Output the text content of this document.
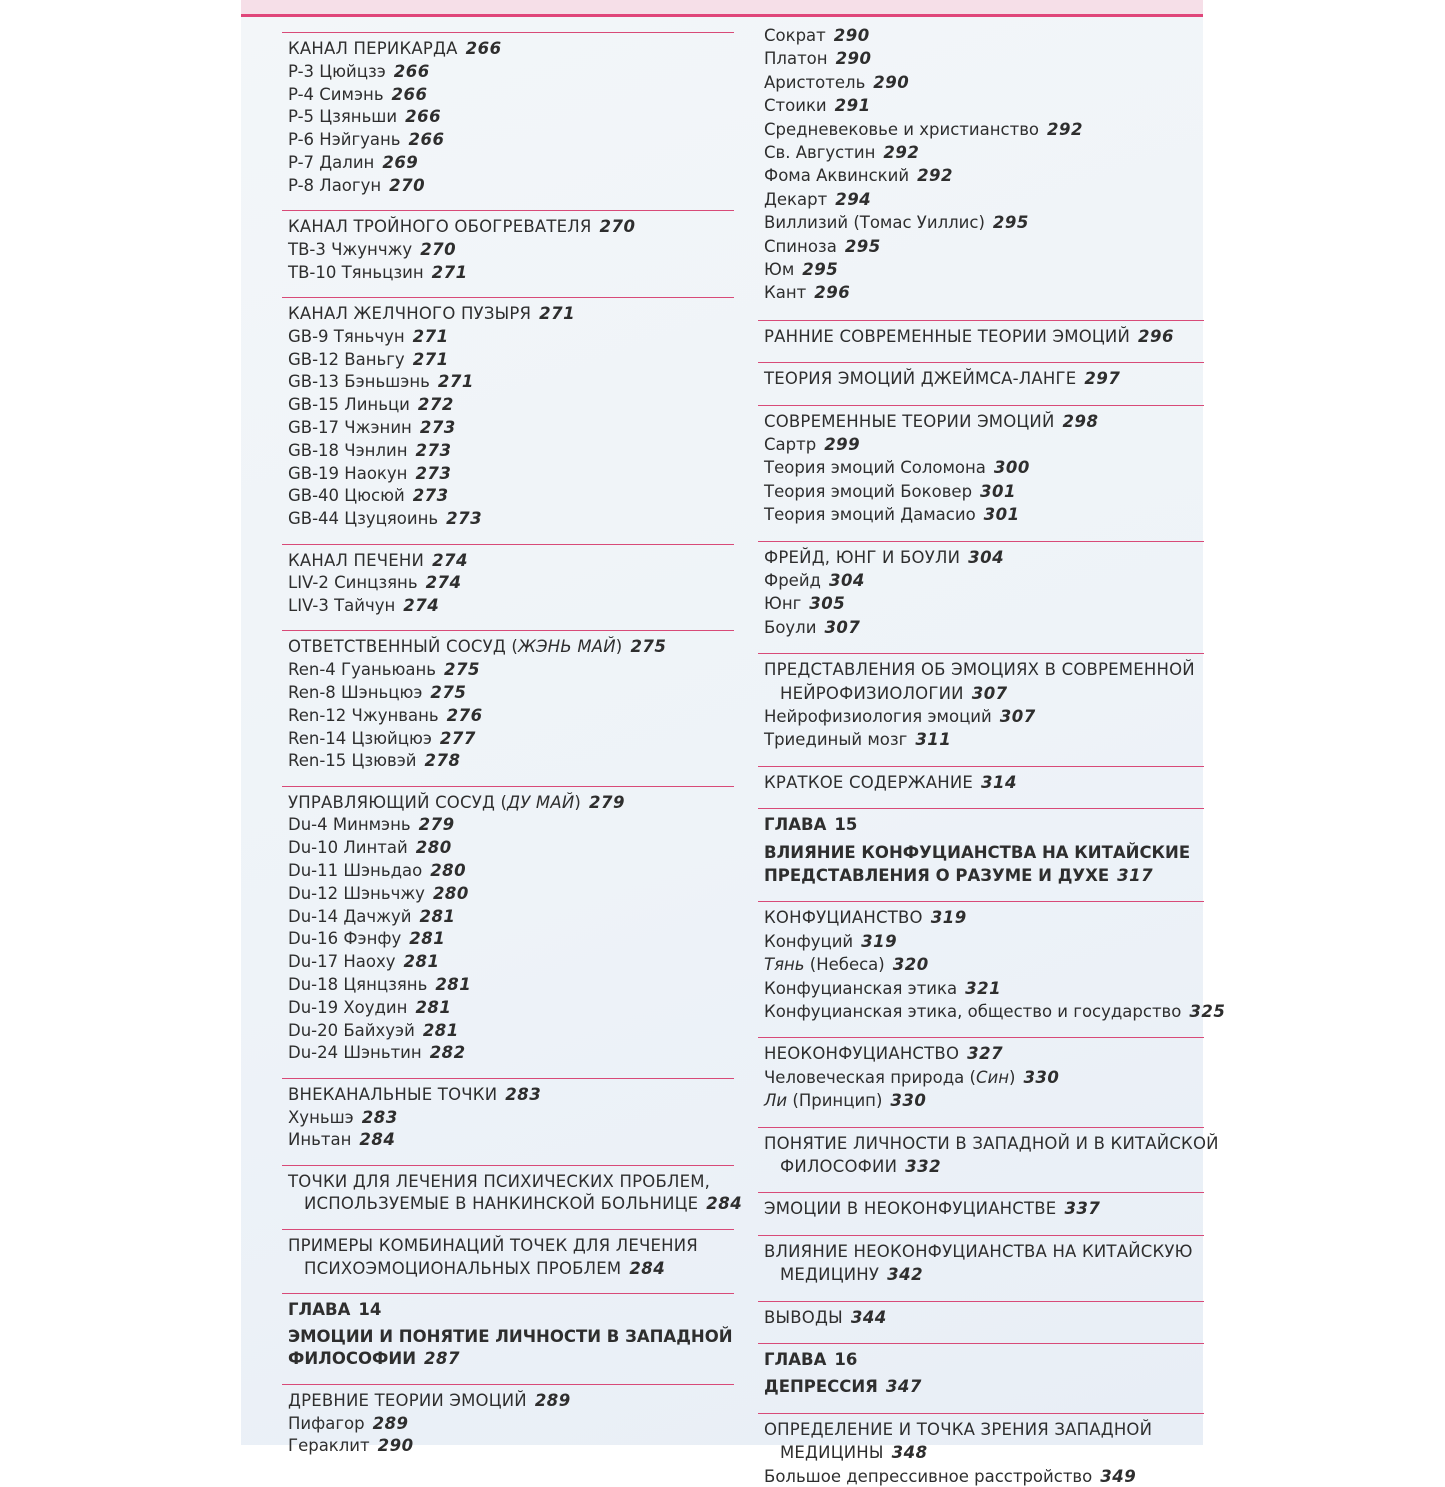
КАНАЛ ПЕРИКАРДА 266
P-3 Цюйцзэ 266
P-4 Симэнь 266
P-5 Цзяньши 266
P-6 Нэйгуань 266
P-7 Далин 269
P-8 Лаогун 270
КАНАЛ ТРОЙНОГО ОБОГРЕВАТЕЛЯ 270
ТВ-3 Чжунчжу 270
ТВ-10 Тяньцзин 271
КАНАЛ ЖЕЛЧНОГО ПУЗЫРЯ 271
GB-9 Тяньчун 271
GB-12 Ваньгу 271
GB-13 Бэньшэнь 271
GB-15 Линьци 272
GB-17 Чжэнин 273
GB-18 Чэнлин 273
GB-19 Наокун 273
GB-40 Цюсюй 273
GB-44 Цзуцяоинь 273
КАНАЛ ПЕЧЕНИ 274
LIV-2 Синцзянь 274
LIV-3 Тайчун 274
ОТВЕТСТВЕННЫЙ СОСУД (ЖЭНЬ МАЙ) 275
Ren-4 Гуаньюань 275
Ren-8 Шэньцюэ 275
Ren-12 Чжунвань 276
Ren-14 Цзюйцюэ 277
Ren-15 Цзювэй 278
УПРАВЛЯЮЩИЙ СОСУД (ДУ МАЙ) 279
Du-4 Минмэнь 279
Du-10 Линтай 280
Du-11 Шэньдао 280
Du-12 Шэньчжу 280
Du-14 Дачжуй 281
Du-16 Фэнфу 281
Du-17 Наоху 281
Du-18 Цянцзянь 281
Du-19 Хоудин 281
Du-20 Байхуэй 281
Du-24 Шэньтин 282
ВНЕКАНАЛЬНЫЕ ТОЧКИ 283
Хуньшэ 283
Иньтан 284
ТОЧКИ ДЛЯ ЛЕЧЕНИЯ ПСИХИЧЕСКИХ ПРОБЛЕМ,
ИСПОЛЬЗУЕМЫЕ В НАНКИНСКОЙ БОЛЬНИЦЕ 284
ПРИМЕРЫ КОМБИНАЦИЙ ТОЧЕК ДЛЯ ЛЕЧЕНИЯ
ПСИХОЭМОЦИОНАЛЬНЫХ ПРОБЛЕМ 284
ГЛАВА 14
ЭМОЦИИ И ПОНЯТИЕ ЛИЧНОСТИ В ЗАПАДНОЙ
ФИЛОСОФИИ 287
ДРЕВНИЕ ТЕОРИИ ЭМОЦИЙ 289
Пифагор 289
Гераклит 290
Сократ 290
Платон 290
Аристотель 290
Стоики 291
Средневековье и христианство 292
Св. Августин 292
Фома Аквинский 292
Декарт 294
Виллизий (Томас Уиллис) 295
Спиноза 295
Юм 295
Кант 296
РАННИЕ СОВРЕМЕННЫЕ ТЕОРИИ ЭМОЦИЙ 296
ТЕОРИЯ ЭМОЦИЙ ДЖЕЙМСА-ЛАНГЕ 297
СОВРЕМЕННЫЕ ТЕОРИИ ЭМОЦИЙ 298
Сартр 299
Теория эмоций Соломона 300
Теория эмоций Боковер 301
Теория эмоций Дамасио 301
ФРЕЙД, ЮНГ И БОУЛИ 304
Фрейд 304
Юнг 305
Боули 307
ПРЕДСТАВЛЕНИЯ ОБ ЭМОЦИЯХ В СОВРЕМЕННОЙ
НЕЙРОФИЗИОЛОГИИ 307
Нейрофизиология эмоций 307
Триединый мозг 311
КРАТКОЕ СОДЕРЖАНИЕ 314
ГЛАВА 15
ВЛИЯНИЕ КОНФУЦИАНСТВА НА КИТАЙСКИЕ
ПРЕДСТАВЛЕНИЯ О РАЗУМЕ И ДУХЕ 317
КОНФУЦИАНСТВО 319
Конфуций 319
Тянь (Небеса) 320
Конфуцианская этика 321
Конфуцианская этика, общество и государство 325
НЕОКОНФУЦИАНСТВО 327
Человеческая природа (Син) 330
Ли (Принцип) 330
ПОНЯТИЕ ЛИЧНОСТИ В ЗАПАДНОЙ И В КИТАЙСКОЙ
ФИЛОСОФИИ 332
ЭМОЦИИ В НЕОКОНФУЦИАНСТВЕ 337
ВЛИЯНИЕ НЕОКОНФУЦИАНСТВА НА КИТАЙСКУЮ
МЕДИЦИНУ 342
ВЫВОДЫ 344
ГЛАВА 16
ДЕПРЕССИЯ 347
ОПРЕДЕЛЕНИЕ И ТОЧКА ЗРЕНИЯ ЗАПАДНОЙ
МЕДИЦИНЫ 348
Большое депрессивное расстройство 349
